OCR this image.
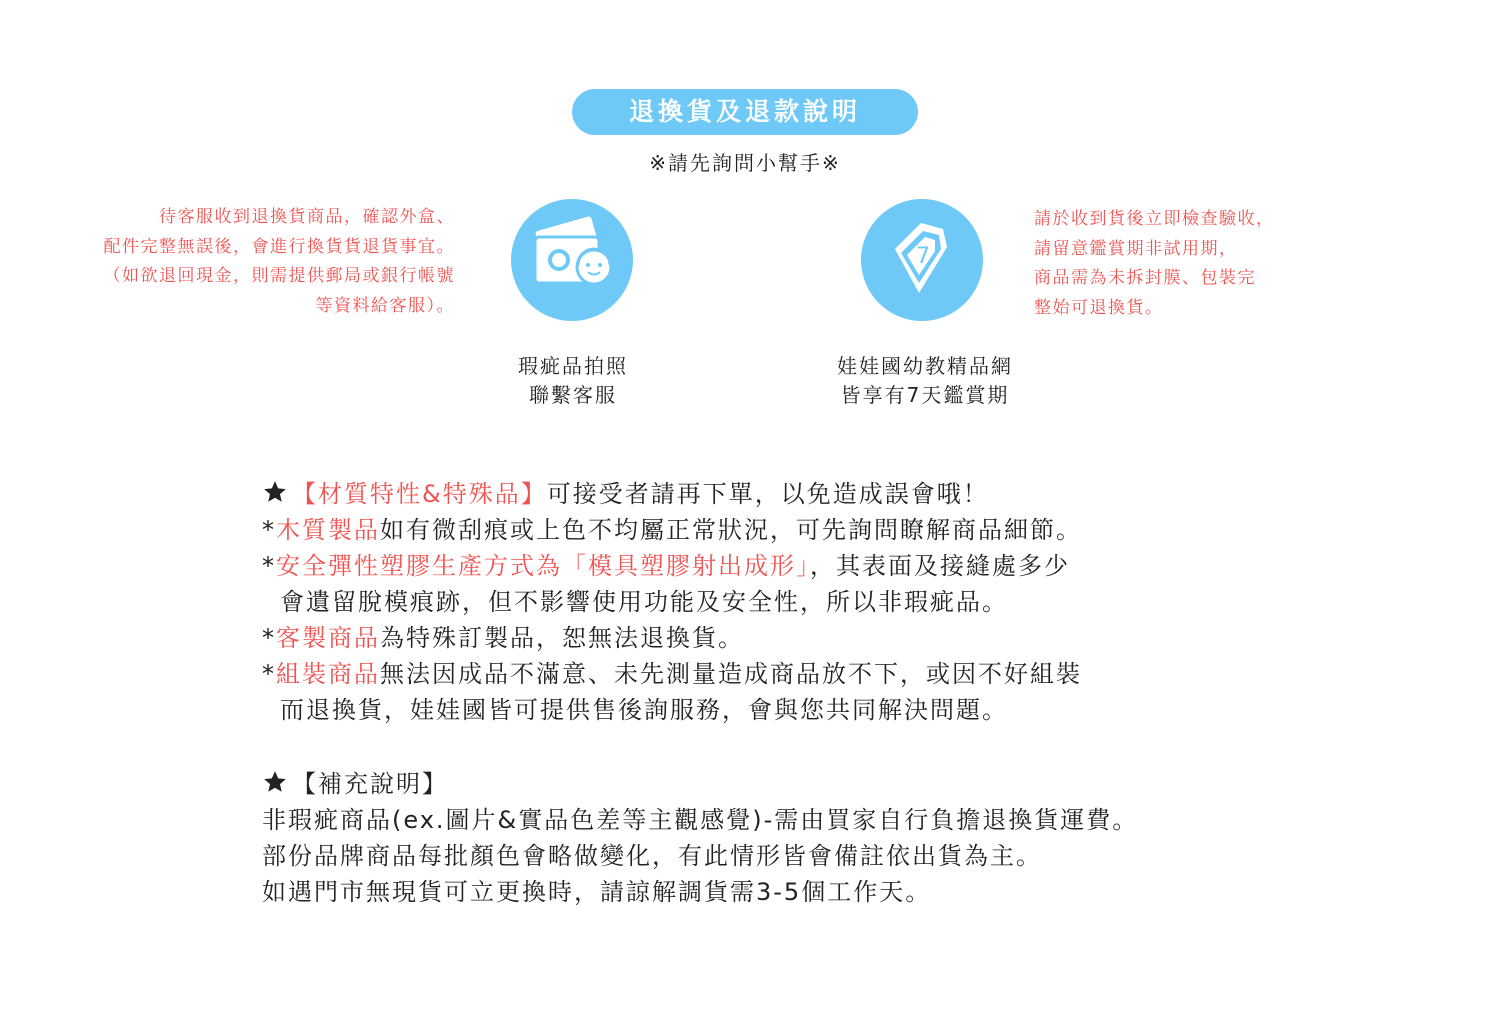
退換貨及退款說明
※請先詢問小幫手※
待客服收到退換貨商品，確認外盒、
配件完整無誤後，會進行換貨貨退貨事宜。
（如欲退回現金，則需提供郵局或銀行帳號
等資料給客服）。
請於收到貨後立即檢查驗收，
請留意鑑賞期非試用期，
商品需為未拆封膜、包裝完
整始可退換貨。
7
瑕疵品拍照
聯繫客服
娃娃國幼教精品網
皆享有7天鑑賞期
【材質特性&特殊品】可接受者請再下單，以免造成誤會哦！
*木質製品如有微刮痕或上色不均屬正常狀況，可先詢問瞭解商品細節。
*安全彈性塑膠生產方式為「模具塑膠射出成形」，其表面及接縫處多少
會遺留脫模痕跡，但不影響使用功能及安全性，所以非瑕疵品。
*客製商品為特殊訂製品，恕無法退換貨。
*組裝商品無法因成品不滿意、未先測量造成商品放不下，或因不好組裝
而退換貨，娃娃國皆可提供售後詢服務，會與您共同解決問題。
【補充說明】
非瑕疵商品(ex.圖片&實品色差等主觀感覺)-需由買家自行負擔退換貨運費。
部份品牌商品每批顏色會略做變化，有此情形皆會備註依出貨為主。
如遇門市無現貨可立更換時，請諒解調貨需3-5個工作天。
